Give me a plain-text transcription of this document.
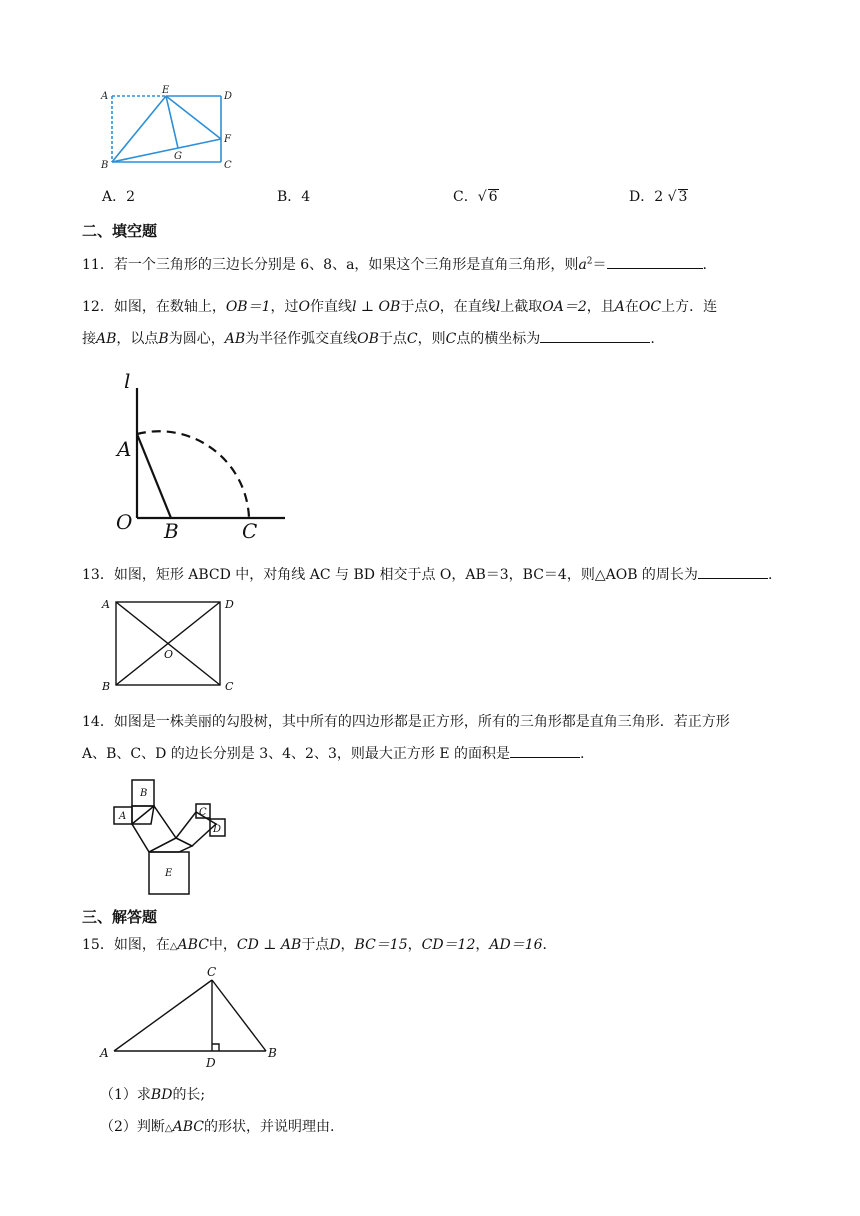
A
E
D
F
G
B	C
A．2	B．4	C．√ 6	D．2 √ 3
二、填空题
11．若一个三角形的三边长分别是 6、8、a，如果这个三角形是直角三角形，则$a^2=$	.
12．如图，在数轴上，OB＝1，过O作直线l ⊥ OB于点O，在直线l上截取OA＝2，且A在OC上方．连
接AB，以点B为圆心，AB为半径作弧交直线OB于点C，则C点的横坐标为	.
l
A
O B	C
13．如图，矩形 ABCD 中，对角线 AC 与 BD 相交于点 O，AB＝3，BC＝4，则△AOB 的周长为	.
A	D
O
B	C
14．如图是一株美丽的勾股树，其中所有的四边形都是正方形，所有的三角形都是直角三角形．若正方形
A、B、C、D 的边长分别是 3、4、2、3，则最大正方形 E 的面积是	.
A
B
C
D
E
三、解答题
15．如图，在△ABC中，CD ⊥ AB于点D，BC＝15，CD＝12，AD＝16．
C
A
D
B
（1）求BD的长;
（2）判断△ABC的形状，并说明理由.
